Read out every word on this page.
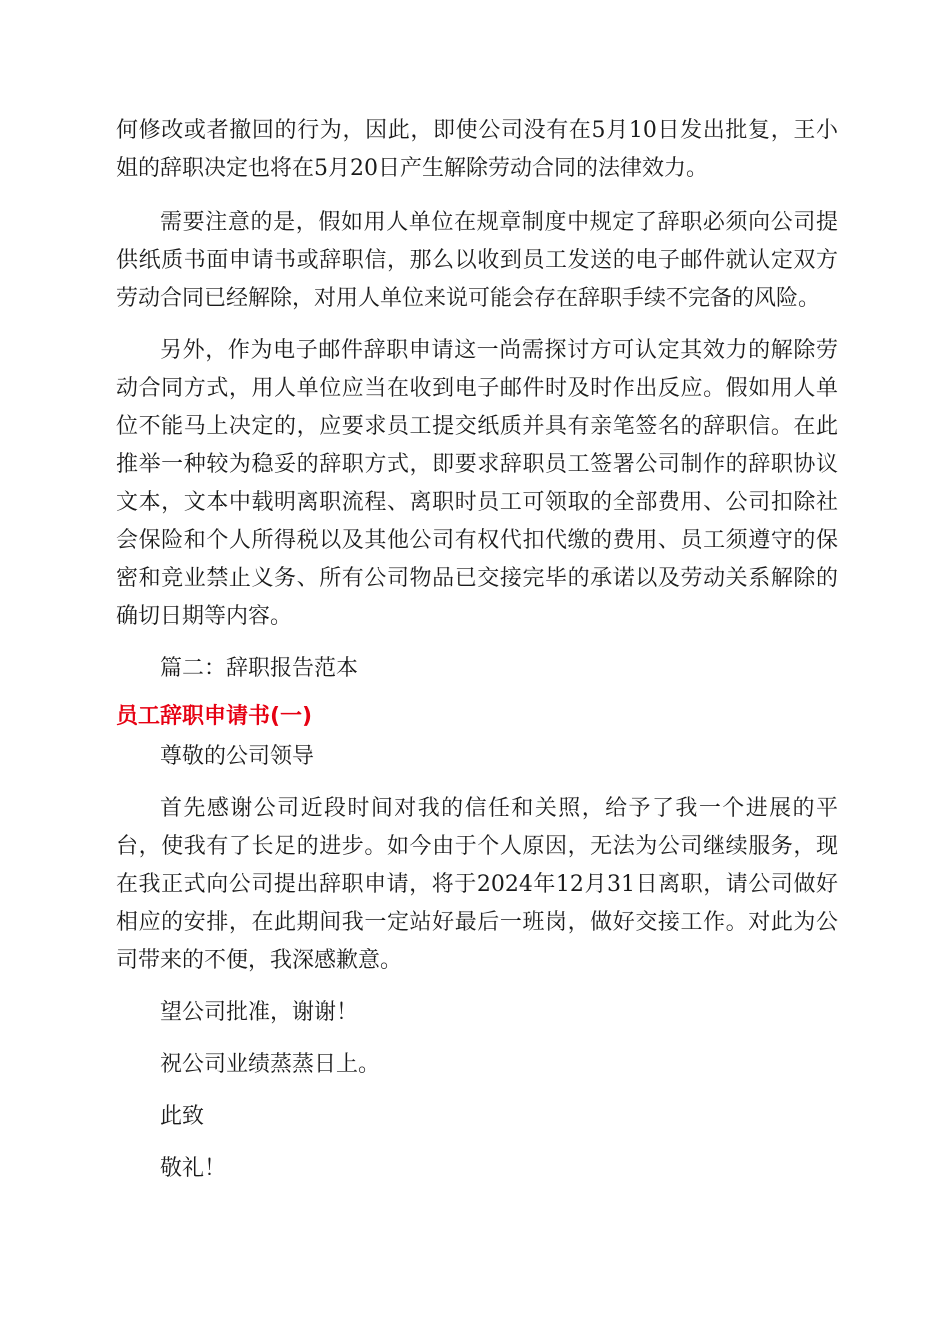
何修改或者撤回的行为，因此，即使公司没有在5月10日发出批复，王小姐的辞职决定也将在5月20日产生解除劳动合同的法律效力。

需要注意的是，假如用人单位在规章制度中规定了辞职必须向公司提供纸质书面申请书或辞职信，那么以收到员工发送的电子邮件就认定双方劳动合同已经解除，对用人单位来说可能会存在辞职手续不完备的风险。

另外，作为电子邮件辞职申请这一尚需探讨方可认定其效力的解除劳动合同方式，用人单位应当在收到电子邮件时及时作出反应。假如用人单位不能马上决定的，应要求员工提交纸质并具有亲笔签名的辞职信。在此推举一种较为稳妥的辞职方式，即要求辞职员工签署公司制作的辞职协议文本，文本中载明离职流程、离职时员工可领取的全部费用、公司扣除社会保险和个人所得税以及其他公司有权代扣代缴的费用、员工须遵守的保密和竞业禁止义务、所有公司物品已交接完毕的承诺以及劳动关系解除的确切日期等内容。

篇二：辞职报告范本

员工辞职申请书(一)

尊敬的公司领导

首先感谢公司近段时间对我的信任和关照，给予了我一个进展的平台，使我有了长足的进步。如今由于个人原因，无法为公司继续服务，现在我正式向公司提出辞职申请，将于2024年12月31日离职，请公司做好相应的安排，在此期间我一定站好最后一班岗，做好交接工作。对此为公司带来的不便，我深感歉意。

望公司批准，谢谢！

祝公司业绩蒸蒸日上。

此致

敬礼！
